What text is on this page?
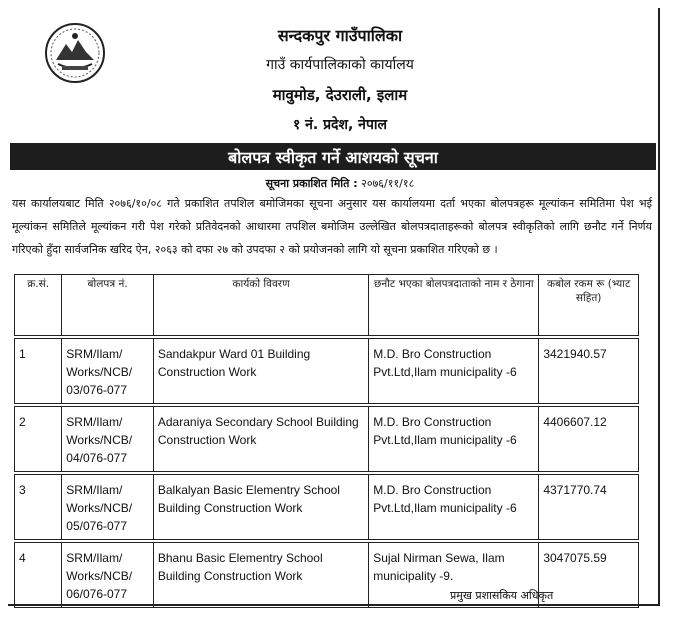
सन्दकपुर गाउँपालिका
गाउँ कार्यपालिकाको कार्यालय
मावुमोड, देउराली, इलाम
१ नं. प्रदेश, नेपाल
बोलपत्र स्वीकृत गर्ने आशयको सूचना
सूचना प्रकाशित मिति : २०७६/११/१८
यस कार्यालयबाट मिति २०७६/१०/०८ गते प्रकाशित तपशिल बमोजिमका सूचना अनुसार यस कार्यालयमा दर्ता भएका बोलपत्रहरू मूल्यांकन समितिमा पेश भई मूल्यांकन समितिले मूल्यांकन गरी पेश गरेको प्रतिवेदनको आधारमा तपशिल बमोजिम उल्लेखित बोलपत्रदाताहरूको बोलपत्र स्वीकृतिको लागि छनौट गर्ने निर्णय गरिएको हुँदा सार्वजनिक खरिद ऐन, २०६३ को दफा २७ को उपदफा २ को प्रयोजनको लागि यो सूचना प्रकाशित गरिएको छ ।
क्र.सं.	बोलपत्र नं.	कार्यको विवरण	छनौट भएका बोलपत्रदाताको नाम र ठेगाना	कबोल रकम रू (भ्याट सहित)

1	SRM/Ilam/ Works/NCB/ 03/076-077	Sandakpur Ward 01 Building Construction Work	M.D. Bro Construction Pvt.Ltd,Ilam municipality -6	3421940.57

2	SRM/Ilam/ Works/NCB/ 04/076-077	Adaraniya Secondary School Building Construction Work	M.D. Bro Construction Pvt.Ltd,Ilam municipality -6	4406607.12

3	SRM/Ilam/ Works/NCB/ 05/076-077	Balkalyan Basic Elementry School Building Construction Work	M.D. Bro Construction Pvt.Ltd,Ilam municipality -6	4371770.74

4	SRM/Ilam/ Works/NCB/ 06/076-077	Bhanu Basic Elementry School Building Construction Work	Sujal Nirman Sewa, Ilam municipality -9.	3047075.59
प्रमुख प्रशासकिय अधिकृत
